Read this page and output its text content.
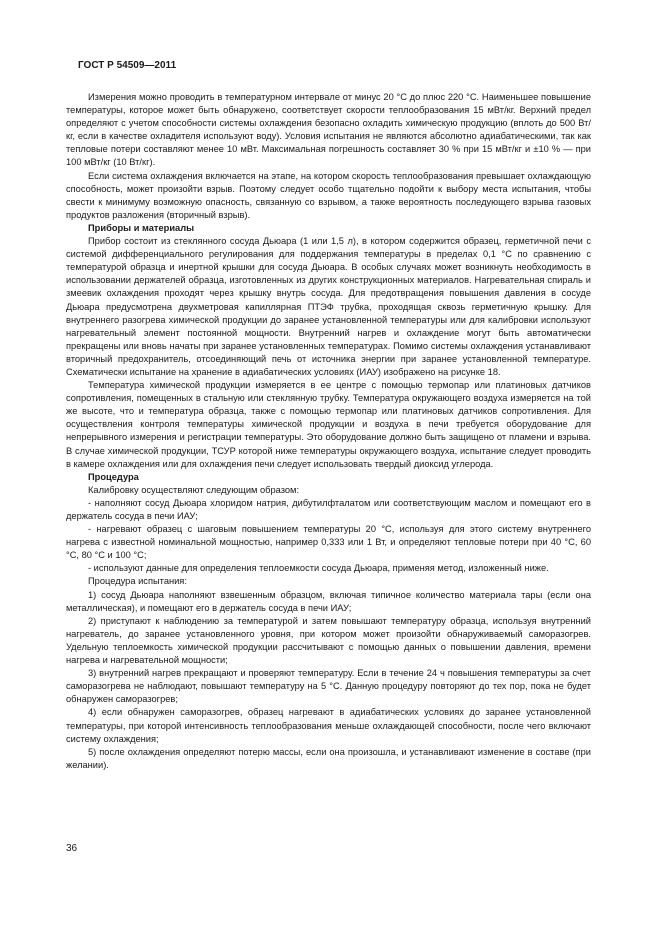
ГОСТ Р 54509—2011

Измерения можно проводить в температурном интервале от минус 20 °C до плюс 220 °C. Наименьшее повышение температуры, которое может быть обнаружено, соответствует скорости теплообразования 15 мВт/кг. Верхний предел определяют с учетом способности системы охлаждения безопасно охладить химическую продукцию (вплоть до 500 Вт/кг, если в качестве охладителя используют воду). Условия испытания не являются абсолютно адиабатическими, так как тепловые потери составляют менее 10 мВт. Максимальная погрешность составляет 30 % при 15 мВт/кг и ±10 % — при 100 мВт/кг (10 Вт/кг).

Если система охлаждения включается на этапе, на котором скорость теплообразования превышает охлаждающую способность, может произойти взрыв. Поэтому следует особо тщательно подойти к выбору места испытания, чтобы свести к минимуму возможную опасность, связанную со взрывом, а также вероятность последующего взрыва газовых продуктов разложения (вторичный взрыв).

Приборы и материалы

Прибор состоит из стеклянного сосуда Дьюара (1 или 1,5 л), в котором содержится образец, герметичной печи с системой дифференциального регулирования для поддержания температуры в пределах 0,1 °C по сравнению с температурой образца и инертной крышки для сосуда Дьюара. В особых случаях может возникнуть необходимость в использовании держателей образца, изготовленных из других конструкционных материалов. Нагревательная спираль и змеевик охлаждения проходят через крышку внутрь сосуда. Для предотвращения повышения давления в сосуде Дьюара предусмотрена двухметровая капиллярная ПТЭФ трубка, проходящая сквозь герметичную крышку. Для внутреннего разогрева химической продукции до заранее установленной температуры или для калибровки используют нагревательный элемент постоянной мощности. Внутренний нагрев и охлаждение могут быть автоматически прекращены или вновь начаты при заранее установленных температурах. Помимо системы охлаждения устанавливают вторичный предохранитель, отсоединяющий печь от источника энергии при заранее установленной температуре. Схематически испытание на хранение в адиабатических условиях (ИАУ) изображено на рисунке 18.

Температура химической продукции измеряется в ее центре с помощью термопар или платиновых датчиков сопротивления, помещенных в стальную или стеклянную трубку. Температура окружающего воздуха измеряется на той же высоте, что и температура образца, также с помощью термопар или платиновых датчиков сопротивления. Для осуществления контроля температуры химической продукции и воздуха в печи требуется оборудование для непрерывного измерения и регистрации температуры. Это оборудование должно быть защищено от пламени и взрыва. В случае химической продукции, ТСУР которой ниже температуры окружающего воздуха, испытание следует проводить в камере охлаждения или для охлаждения печи следует использовать твердый диоксид углерода.

Процедура

Калибровку осуществляют следующим образом:

- наполняют сосуд Дьюара хлоридом натрия, дибутилфталатом или соответствующим маслом и помещают его в держатель сосуда в печи ИАУ;

- нагревают образец с шаговым повышением температуры 20 °C, используя для этого систему внутреннего нагрева с известной номинальной мощностью, например 0,333 или 1 Вт, и определяют тепловые потери при 40 °C, 60 °C, 80 °C и 100 °C;

- используют данные для определения теплоемкости сосуда Дьюара, применяя метод, изложенный ниже.

Процедура испытания:

1) сосуд Дьюара наполняют взвешенным образцом, включая типичное количество материала тары (если она металлическая), и помещают его в держатель сосуда в печи ИАУ;

2) приступают к наблюдению за температурой и затем повышают температуру образца, используя внутренний нагреватель, до заранее установленного уровня, при котором может произойти обнаруживаемый саморазогрев. Удельную теплоемкость химической продукции рассчитывают с помощью данных о повышении давления, времени нагрева и нагревательной мощности;

3) внутренний нагрев прекращают и проверяют температуру. Если в течение 24 ч повышения температуры за счет саморазогрева не наблюдают, повышают температуру на 5 °C. Данную процедуру повторяют до тех пор, пока не будет обнаружен саморазогрев;

4) если обнаружен саморазогрев, образец нагревают в адиабатических условиях до заранее установленной температуры, при которой интенсивность теплообразования меньше охлаждающей способности, после чего включают систему охлаждения;

5) после охлаждения определяют потерю массы, если она произошла, и устанавливают изменение в составе (при желании).

36
